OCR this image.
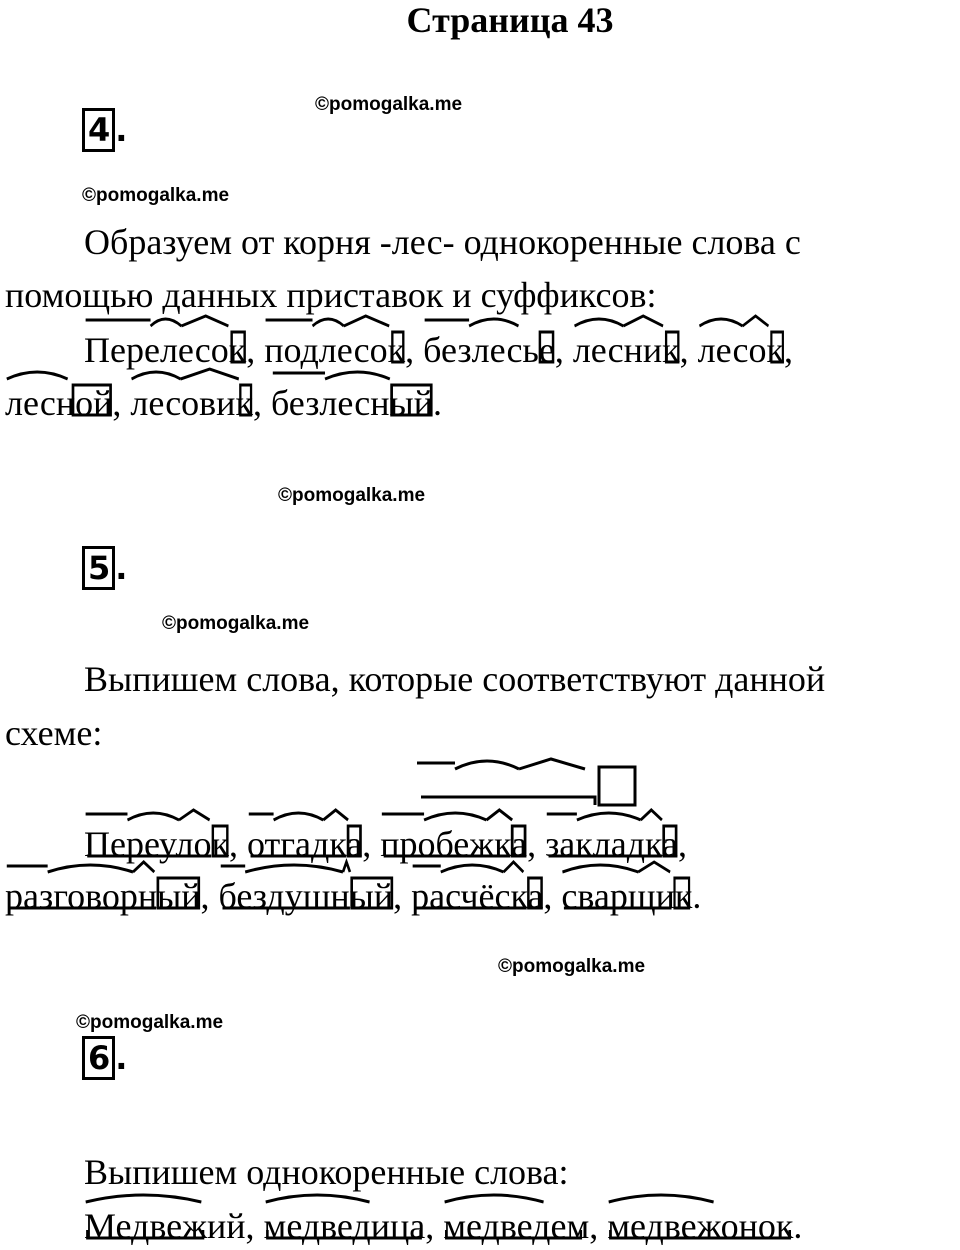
Страница 43
©pomogalka.me
©pomogalka.me
©pomogalka.me
©pomogalka.me
©pomogalka.me
©pomogalka.me
4 .
Образуем от корня -лес- однокоренные слова с
помощью данных приставок и суффиксов:
Перелесок
, подлесок
, безлесье
, лесник
, лесок
,
лесной
, лесовик
, безлесный
.
5 .
Выпишем слова, которые соответствуют данной
схеме:
Переулок
, отгадка
, пробежка
, закладка
,
разговорный
, бездушный
, расчёска
, сварщик
.
6 .
Выпишем однокоренные слова:
Медвежий
, медведица
, медведем
, медвежонок
.
